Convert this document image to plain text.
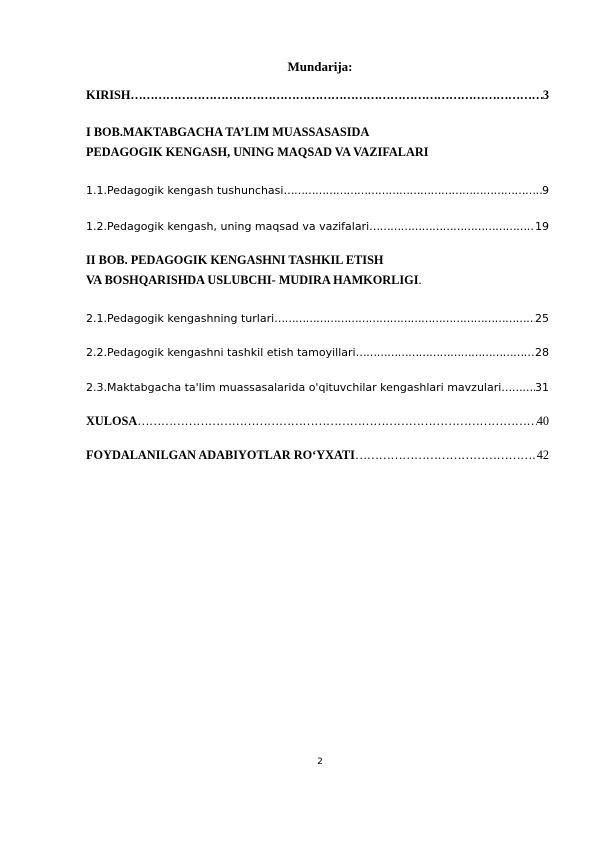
Mundarija:
KIRISH ………………………………………………………………………………………………………………………………………………………………	3
I BOB.MAKTABGACHA TA’LIM MUASSASASIDA
PEDAGOGIK KENGASH, UNING MAQSAD VA VAZIFALARI
1.1.Pedagogik kengash tushunchasi ………………………………………………………………………………………………………………………………………………………………	9
1.2.Pedagogik kengash, uning maqsad va vazifalari ………………………………………………………………………………………………………………………………………………………………	19
II BOB. PEDAGOGIK KENGASHNI TASHKIL ETISH
VA BOSHQARISHDA USLUBCHI- MUDIRA HAMKORLIGI.
2.1.Pedagogik kengashning turlari ………………………………………………………………………………………………………………………………………………………………	25
2.2.Pedagogik kengashni tashkil etish tamoyillari ………………………………………………………………………………………………………………………………………………………………	28
2.3.Maktabgacha ta'lim muassasalarida o'qituvchilar kengashlari mavzulari ………………………………………………………………………………………………………………………………………………………………	31
XULOSA ………………………………………………………………………………………………………………………………………………………………	40
FOYDALANILGAN ADABIYOTLAR RO‘YXATI ………………………………………………………………………………………………………………………………………………………………	42
2
